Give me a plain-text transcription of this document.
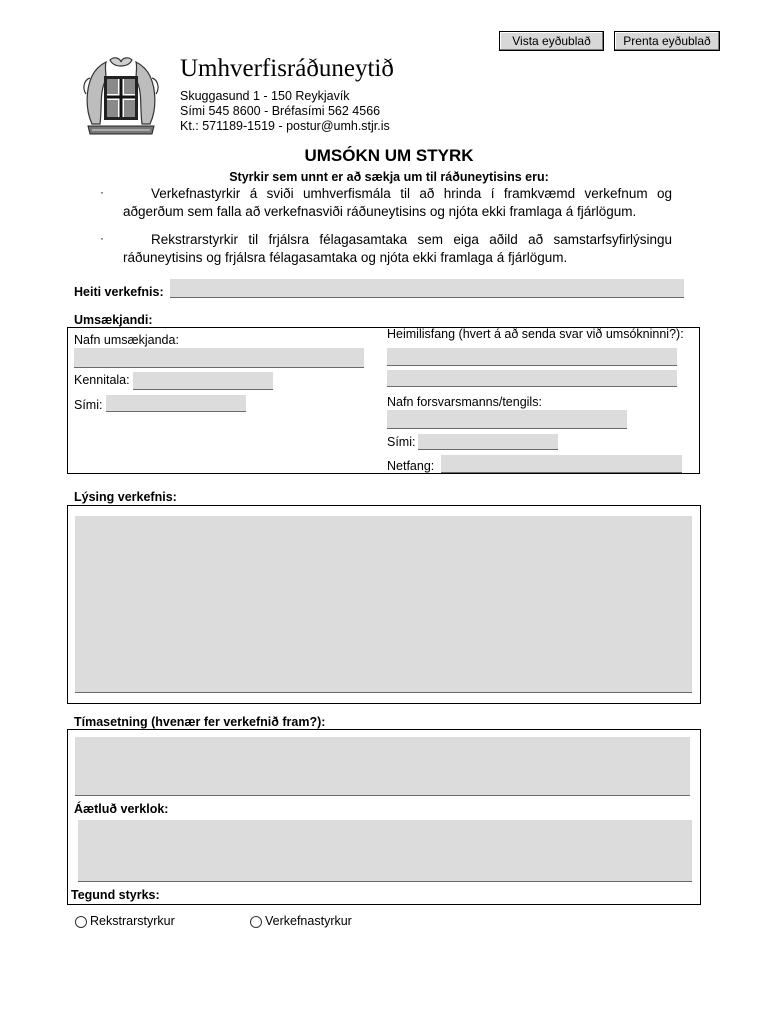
Vista eyðublað	Prenta eyðublað
Umhverfisráðuneytið
Skuggasund 1 - 150 Reykjavík
Sími 545 8600 - Bréfasími 562 4566
Kt.: 571189-1519 - postur@umh.stjr.is
UMSÓKN UM STYRK
Styrkir sem unnt er að sækja um til ráðuneytisins eru:
·	Verkefnastyrkir á sviði umhverfismála til að hrinda í framkvæmd verkefnum og
aðgerðum sem falla að verkefnasviði ráðuneytisins og njóta ekki framlaga á fjárlögum.
·	Rekstrarstyrkir til frjálsra félagasamtaka sem eiga aðild að samstarfsyfirlýsingu
ráðuneytisins og frjálsra félagasamtaka og njóta ekki framlaga á fjárlögum.
Heiti verkefnis:
Umsækjandi:
Nafn umsækjanda:
Kennitala:
Sími:
Heimilisfang (hvert á að senda svar við umsókninni?):
Nafn forsvarsmanns/tengils:
Sími:
Netfang:
Lýsing verkefnis:
Tímasetning (hvenær fer verkefnið fram?):
Áætluð verklok:
Tegund styrks:
Rekstrarstyrkur	Verkefnastyrkur
